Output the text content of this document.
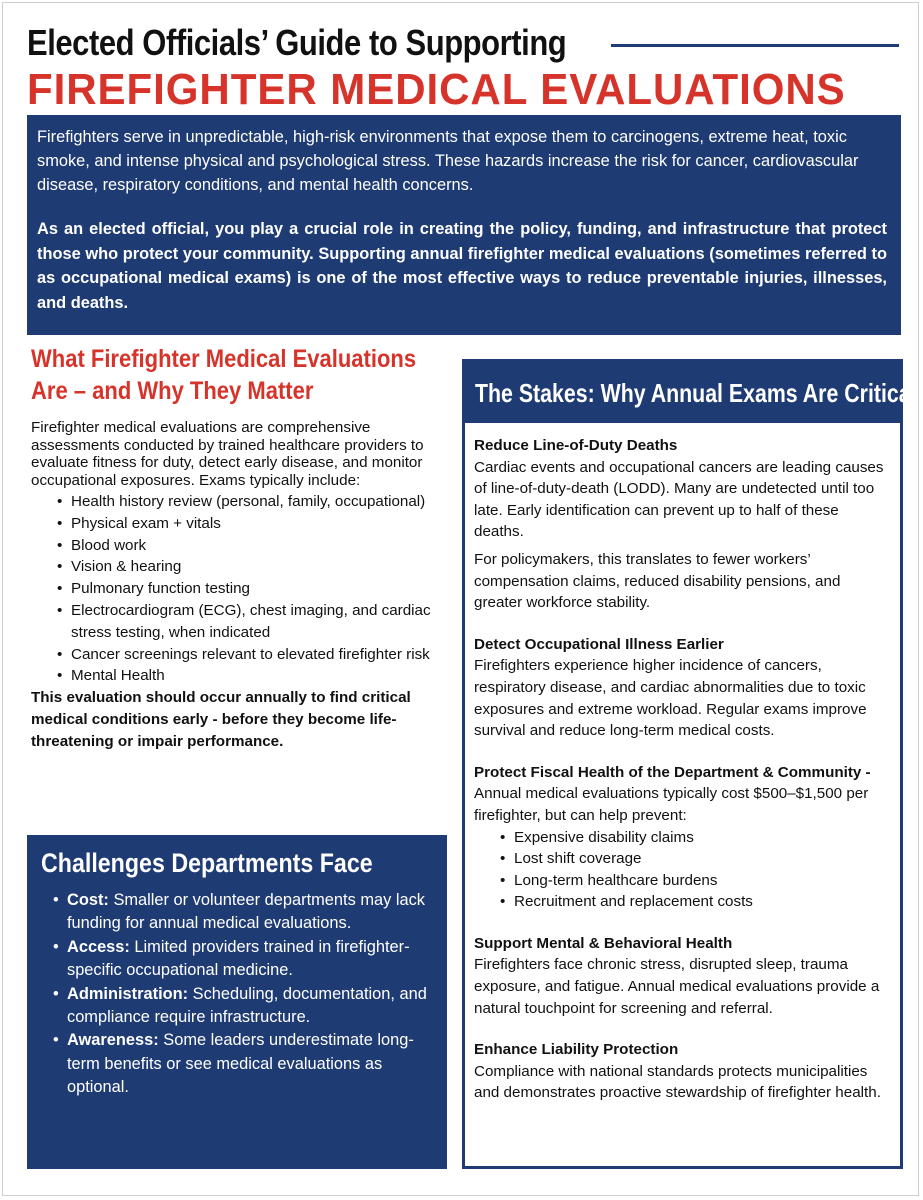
Elected Officials’ Guide to Supporting
FIREFIGHTER MEDICAL EVALUATIONS

Firefighters serve in unpredictable, high-risk environments that expose them to carcinogens, extreme heat, toxic smoke, and intense physical and psychological stress. These hazards increase the risk for cancer, cardiovascular disease, respiratory conditions, and mental health concerns.

As an elected official, you play a crucial role in creating the policy, funding, and infrastructure that protect those who protect your community. Supporting annual firefighter medical evaluations (sometimes referred to as occupational medical exams) is one of the most effective ways to reduce preventable injuries, illnesses, and deaths.

What Firefighter Medical Evaluations
Are – and Why They Matter

Firefighter medical evaluations are comprehensive assessments conducted by trained healthcare providers to evaluate fitness for duty, detect early disease, and monitor occupational exposures. Exams typically include:

• Health history review (personal, family, occupational)
• Physical exam + vitals
• Blood work
• Vision & hearing
• Pulmonary function testing
• Electrocardiogram (ECG), chest imaging, and cardiac stress testing, when indicated
• Cancer screenings relevant to elevated firefighter risk
• Mental Health

This evaluation should occur annually to find critical medical conditions early - before they become life-threatening or impair performance.

Challenges Departments Face
• Cost: Smaller or volunteer departments may lack funding for annual medical evaluations.
• Access: Limited providers trained in firefighter-specific occupational medicine.
• Administration: Scheduling, documentation, and compliance require infrastructure.
• Awareness: Some leaders underestimate long-term benefits or see medical evaluations as optional.
The Stakes: Why Annual Exams Are Critical

Reduce Line-of-Duty Deaths

Cardiac events and occupational cancers are leading causes of line-of-duty-death (LODD). Many are undetected until too late. Early identification can prevent up to half of these deaths.

For policymakers, this translates to fewer workers’ compensation claims, reduced disability pensions, and greater workforce stability.

Detect Occupational Illness Earlier

Firefighters experience higher incidence of cancers, respiratory disease, and cardiac abnormalities due to toxic exposures and extreme workload. Regular exams improve survival and reduce long-term medical costs.

Protect Fiscal Health of the Department & Community - Annual medical evaluations typically cost $500–$1,500 per firefighter, but can help prevent:

• Expensive disability claims
• Lost shift coverage
• Long-term healthcare burdens
• Recruitment and replacement costs

Support Mental & Behavioral Health

Firefighters face chronic stress, disrupted sleep, trauma exposure, and fatigue. Annual medical evaluations provide a natural touchpoint for screening and referral.

Enhance Liability Protection

Compliance with national standards protects municipalities and demonstrates proactive stewardship of firefighter health.
